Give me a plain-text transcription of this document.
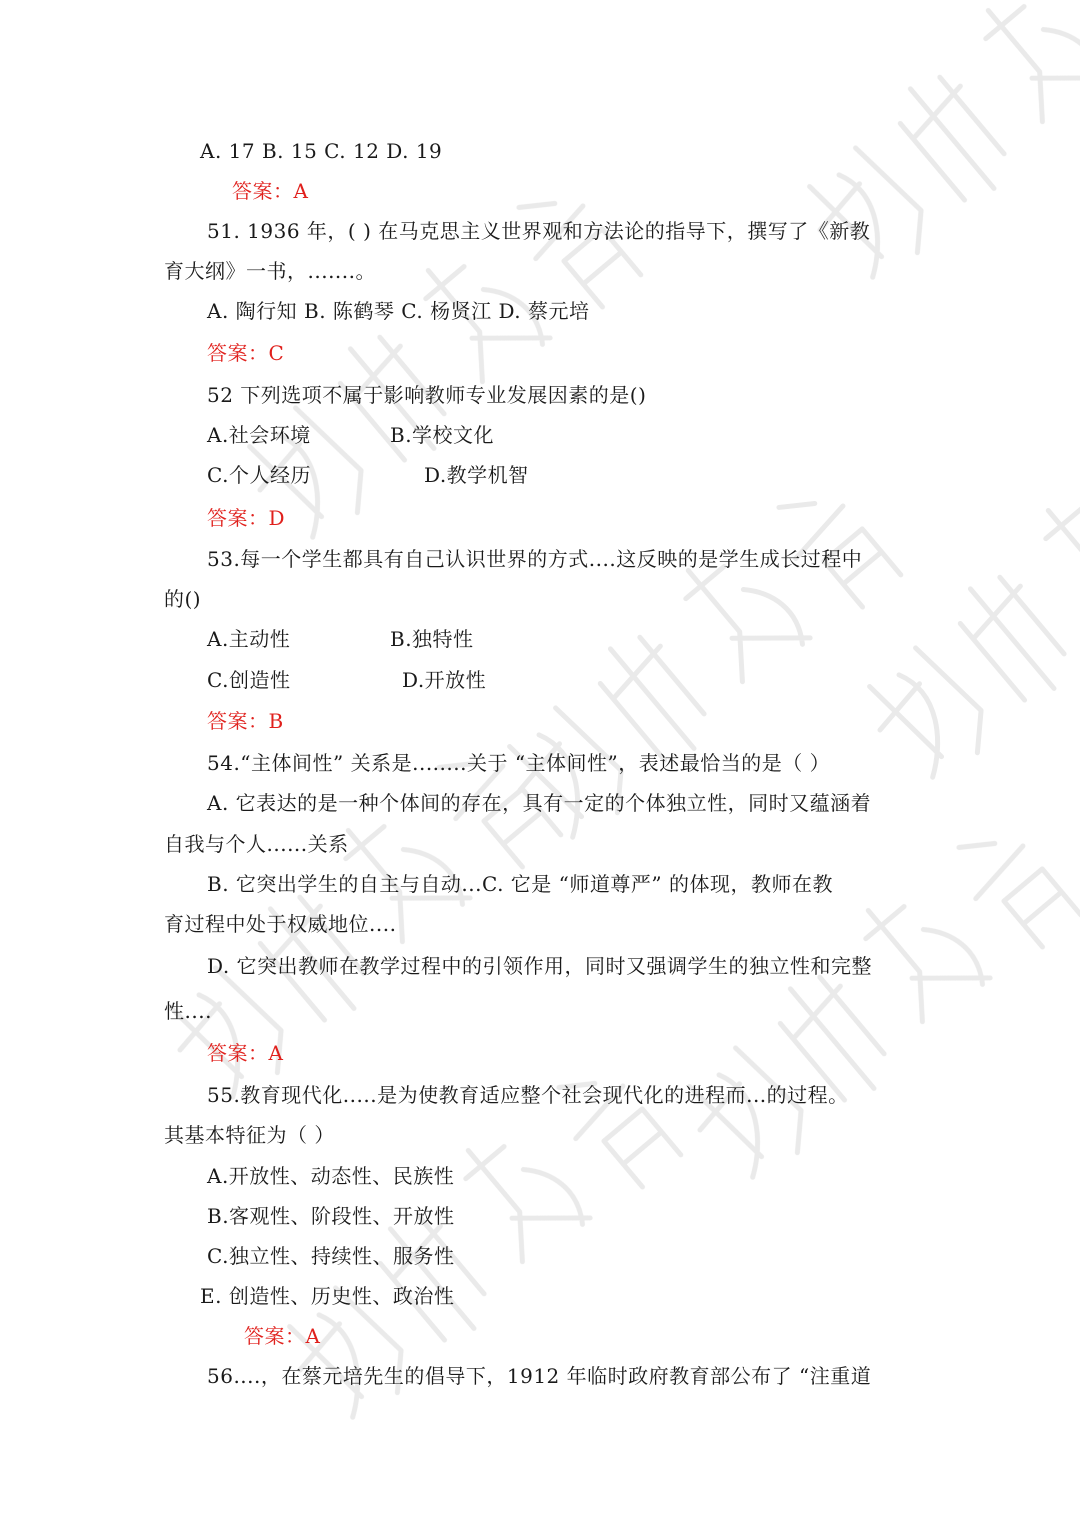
A. 17 B. 15 C. 12 D. 19
答案：A
51. 1936 年，( ) 在马克思主义世界观和方法论的指导下，撰写了《新教
育大纲》一书，.......。
A. 陶行知 B. 陈鹤琴 C. 杨贤江 D. 蔡元培
答案：C
52 下列选项不属于影响教师专业发展因素的是()
A.社会环境	B.学校文化
C.个人经历	D.教学机智
答案：D
53.每一个学生都具有自己认识世界的方式....这反映的是学生成长过程中
的()
A.主动性	B.独特性
C.创造性	D.开放性
答案：B
54.“主体间性” 关系是........关于 “主体间性”，表述最恰当的是（ ）
A. 它表达的是一种个体间的存在，具有一定的个体独立性，同时又蕴涵着
自我与个人......关系
B. 它突出学生的自主与自动...C. 它是 “师道尊严” 的体现，教师在教
育过程中处于权威地位....
D. 它突出教师在教学过程中的引领作用，同时又强调学生的独立性和完整
性....
答案：A
55.教育现代化.....是为使教育适应整个社会现代化的进程而...的过程。
其基本特征为（ ）
A.开放性、动态性、民族性
B.客观性、阶段性、开放性
C.独立性、持续性、服务性
E. 创造性、历史性、政治性
答案：A
56....，在蔡元培先生的倡导下，1912 年临时政府教育部公布了 “注重道
